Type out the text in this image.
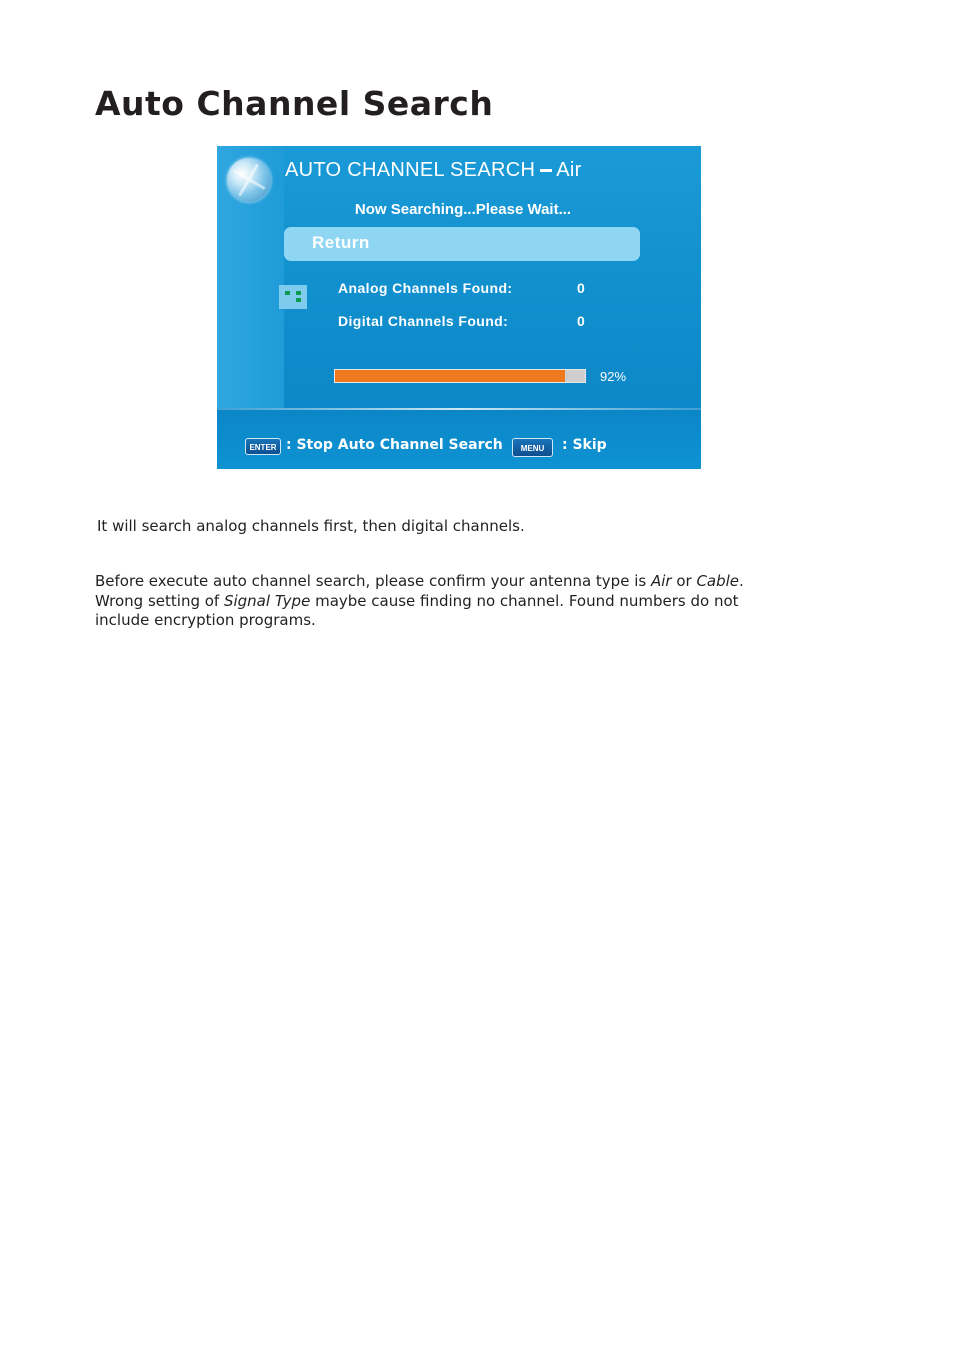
Auto Channel Search
AUTO CHANNEL SEARCH Air
Now Searching...Please Wait...
Return
Analog Channels Found:	0
Digital Channels Found:	0
92%
ENTER : Stop Auto Channel Search	MENU	: Skip

It will search analog channels first, then digital channels.

Before execute auto channel search, please confirm your antenna type is Air or Cable.

Wrong setting of Signal Type maybe cause finding no channel. Found numbers do not

include encryption programs.
